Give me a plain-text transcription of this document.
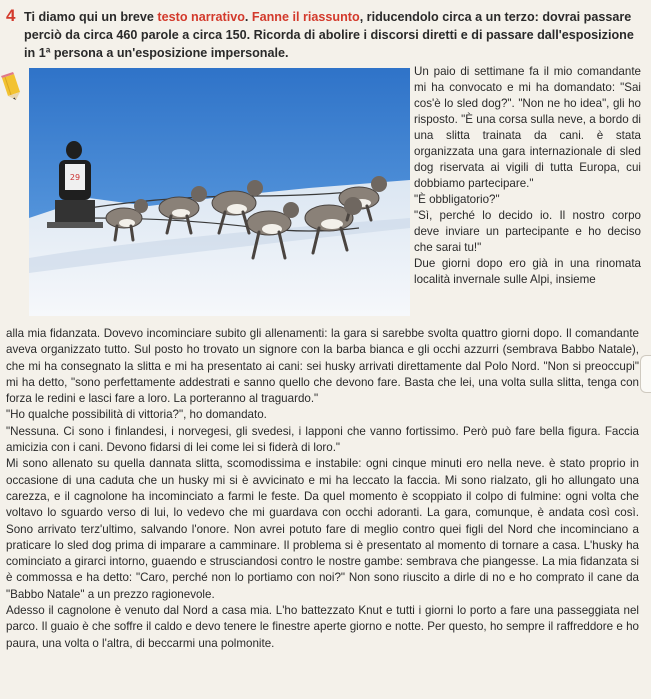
4 Ti diamo qui un breve testo narrativo. Fanne il riassunto, riducendolo circa a un terzo: dovrai passare perciò da circa 460 parole a circa 150. Ricorda di abolire i discorsi diretti e di passare dall'esposizione in 1ª persona a un'esposizione impersonale.
29

Un paio di settimane fa il mio comandante mi ha convocato e mi ha domandato: "Sai cos'è lo sled dog?". "Non ne ho idea", gli ho risposto. "È una corsa sulla neve, a bordo di una slitta trainata da cani. è stata organizzata una gara internazionale di sled dog riservata ai vigili di tutta Europa, cui dobbiamo partecipare."

"È obbligatorio?"

"Sì, perché lo decido io. Il nostro corpo deve inviare un partecipante e ho deciso che sarai tu!"

Due giorni dopo ero già in una rinomata località invernale sulle Alpi, insieme

alla mia fidanzata. Dovevo incominciare subito gli allenamenti: la gara si sarebbe svolta quattro giorni dopo. Il comandante aveva organizzato tutto. Sul posto ho trovato un signore con la barba bianca e gli occhi azzurri (sembrava Babbo Natale), che mi ha consegnato la slitta e mi ha presentato ai cani: sei husky arrivati direttamente dal Polo Nord. "Non si preoccupi" mi ha detto, "sono perfettamente addestrati e sanno quello che devono fare. Basta che lei, una volta sulla slitta, tenga con forza le redini e lasci fare a loro. La porteranno al traguardo."

"Ho qualche possibilità di vittoria?", ho domandato.

"Nessuna. Ci sono i finlandesi, i norvegesi, gli svedesi, i lapponi che vanno fortissimo. Però può fare bella figura. Faccia amicizia con i cani. Devono fidarsi di lei come lei si fiderà di loro."

Mi sono allenato su quella dannata slitta, scomodissima e instabile: ogni cinque minuti ero nella neve. è stato proprio in occasione di una caduta che un husky mi si è avvicinato e mi ha leccato la faccia. Mi sono rialzato, gli ho allungato una carezza, e il cagnolone ha incominciato a farmi le feste. Da quel momento è scoppiato il colpo di fulmine: ogni volta che voltavo lo sguardo verso di lui, lo vedevo che mi guardava con occhi adoranti. La gara, comunque, è andata così così. Sono arrivato terz'ultimo, salvando l'onore. Non avrei potuto fare di meglio contro quei figli del Nord che incominciano a praticare lo sled dog prima di imparare a camminare. Il problema si è presentato al momento di tornare a casa. L'husky ha cominciato a girarci intorno, guaendo e strusciandosi contro le nostre gambe: sembrava che piangesse. La mia fidanzata si è commossa e ha detto: "Caro, perché non lo portiamo con noi?" Non sono riuscito a dirle di no e ho comprato il cane da "Babbo Natale" a un prezzo ragionevole.

Adesso il cagnolone è venuto dal Nord a casa mia. L'ho battezzato Knut e tutti i giorni lo porto a fare una passeggiata nel parco. Il guaio è che soffre il caldo e devo tenere le finestre aperte giorno e notte. Per questo, ho sempre il raffreddore e ho paura, una volta o l'altra, di beccarmi una polmonite.
